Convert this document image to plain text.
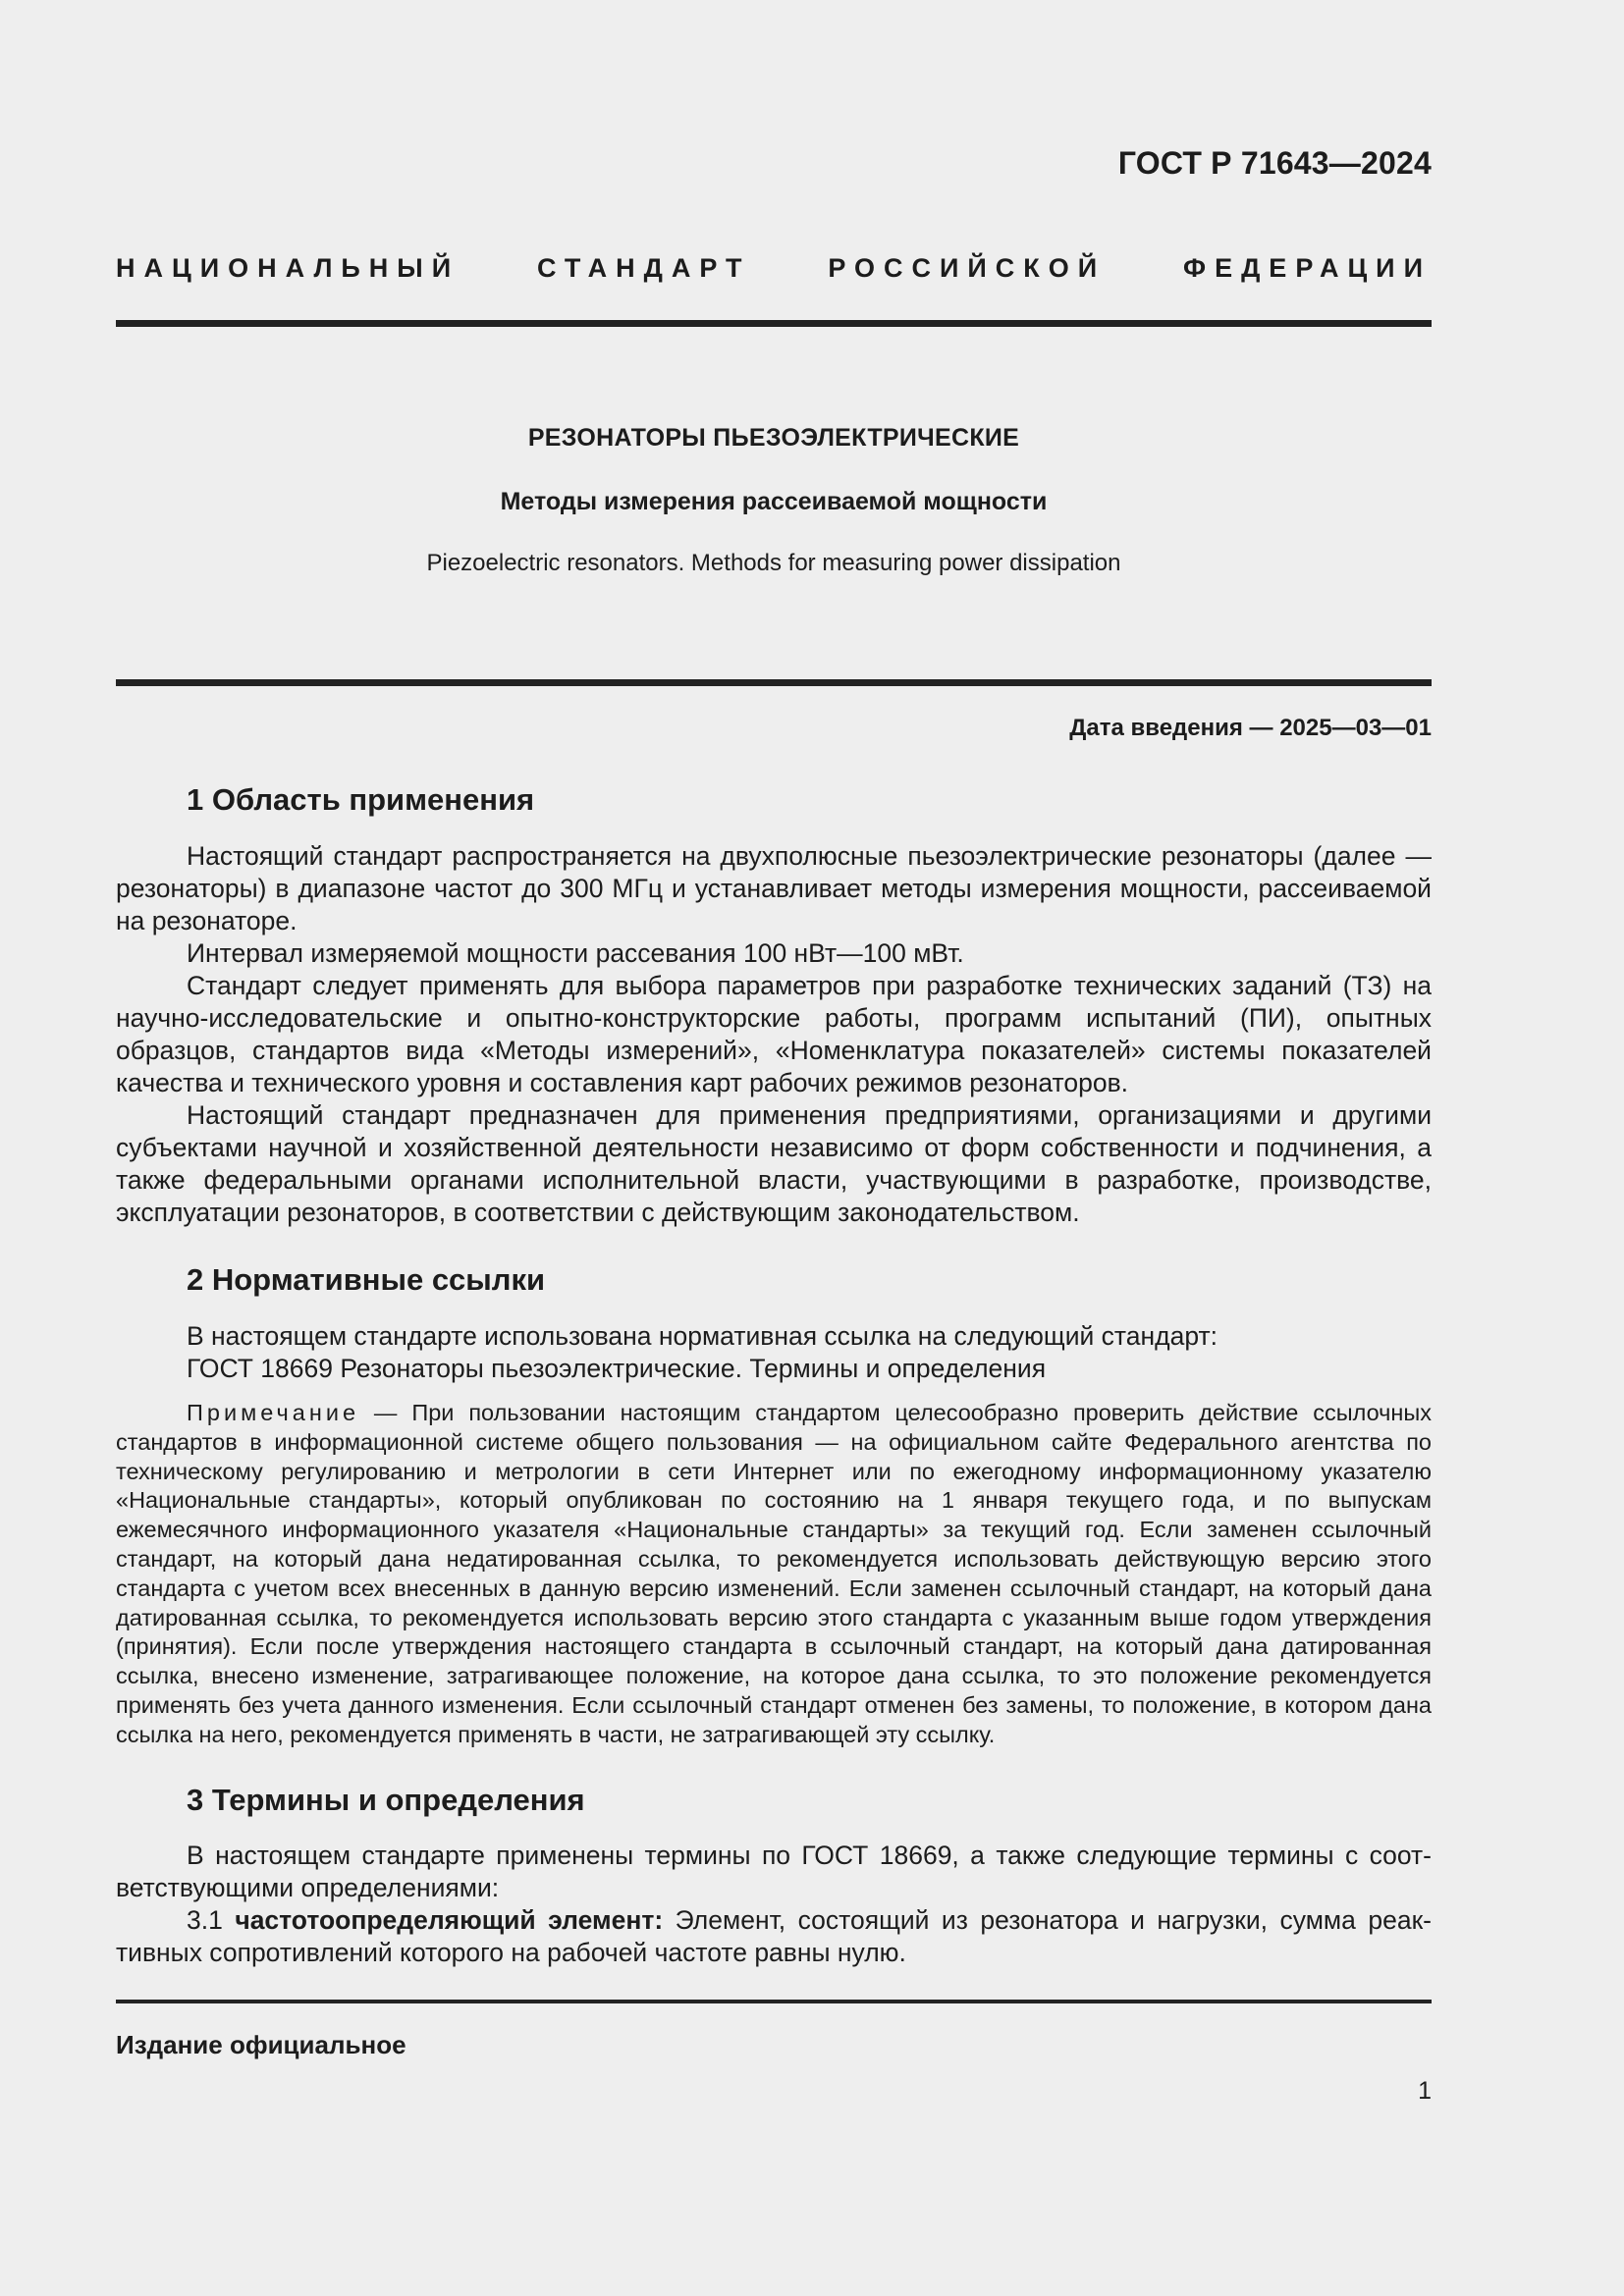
ГОСТ Р 71643—2024
НАЦИОНАЛЬНЫЙ СТАНДАРТ РОССИЙСКОЙ ФЕДЕРАЦИИ
РЕЗОНАТОРЫ ПЬЕЗОЭЛЕКТРИЧЕСКИЕ
Методы измерения рассеиваемой мощности
Piezoelectric resonators. Methods for measuring power dissipation
Дата введения — 2025—03—01
1 Область применения

Настоящий стандарт распространяется на двухполюсные пьезоэлектрические резонаторы (далее — резонаторы) в диапазоне частот до 300 МГц и устанавливает методы измерения мощности, рассеиваемой на резонаторе.

Интервал измеряемой мощности рассевания 100 нВт—100 мВт.

Стандарт следует применять для выбора параметров при разработке технических заданий (ТЗ) на научно-исследовательские и опытно-конструкторские работы, программ испытаний (ПИ), опытных образцов, стандартов вида «Методы измерений», «Номенклатура показателей» системы показателей качества и технического уровня и составления карт рабочих режимов резонаторов.

Настоящий стандарт предназначен для применения предприятиями, организациями и другими субъектами научной и хозяйственной деятельности независимо от форм собственности и подчинения, а также федеральными органами исполнительной власти, участвующими в разработке, производстве, эксплуатации резонаторов, в соответствии с действующим законодательством.

2 Нормативные ссылки

В настоящем стандарте использована нормативная ссылка на следующий стандарт:

ГОСТ 18669 Резонаторы пьезоэлектрические. Термины и определения

Примечание — При пользовании настоящим стандартом целесообразно проверить действие ссылочных стандартов в информационной системе общего пользования — на официальном сайте Федерального агентства по техническому регулированию и метрологии в сети Интернет или по ежегодному информационному указателю «Национальные стандарты», который опубликован по состоянию на 1 января текущего года, и по выпускам ежемесячного информационного указателя «Национальные стандарты» за текущий год. Если заменен ссылочный стандарт, на который дана недатированная ссылка, то рекомендуется использовать действующую версию этого стандарта с учетом всех внесенных в данную версию изменений. Если заменен ссылочный стандарт, на который дана датированная ссылка, то рекомендуется использовать версию этого стандарта с указанным выше годом утверждения (принятия). Если после утверждения настоящего стандарта в ссылочный стандарт, на который дана датированная ссылка, внесено изменение, затрагивающее положение, на которое дана ссылка, то это положение рекомендуется применять без учета данного изменения. Если ссылочный стандарт отменен без замены, то положение, в котором дана ссылка на него, рекомендуется применять в части, не затрагивающей эту ссылку.

3 Термины и определения

В настоящем стандарте применены термины по ГОСТ 18669, а также следующие термины с соответствующими определениями:

3.1 частотоопределяющий элемент: Элемент, состоящий из резонатора и нагрузки, сумма реактивных сопротивлений которого на рабочей частоте равны нулю.

Издание официальное
1
